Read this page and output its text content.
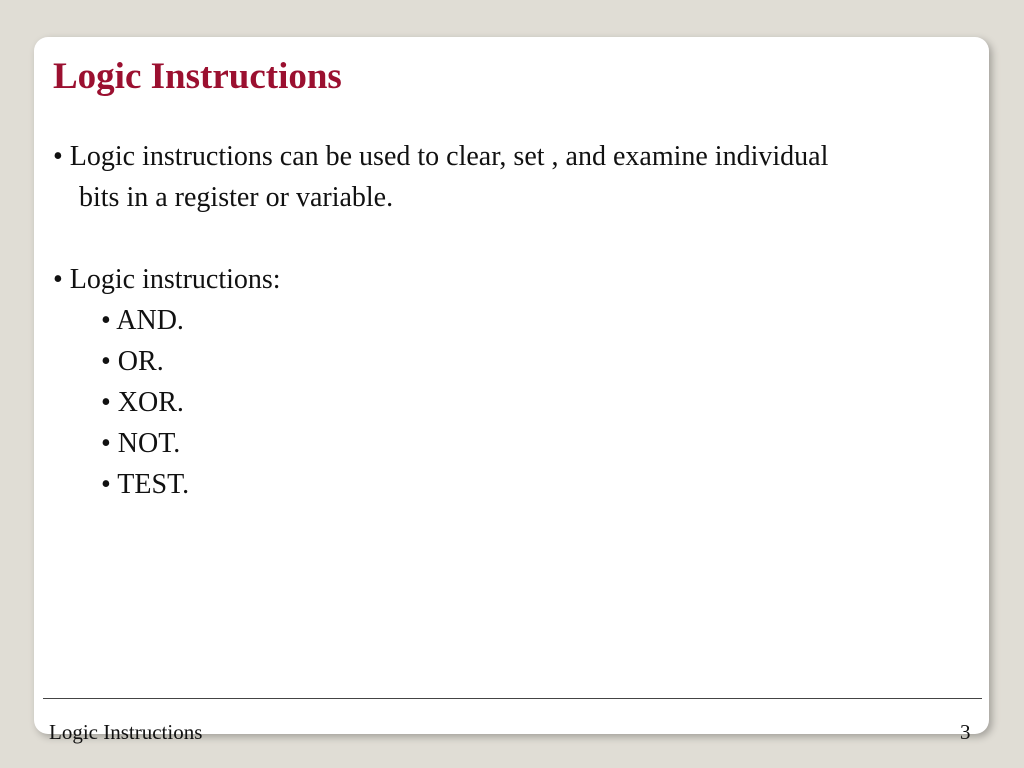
Logic Instructions
• Logic instructions can be used to clear, set , and examine individual
bits in a register or variable.
• Logic instructions:
• AND.
• OR.
• XOR.
• NOT.
• TEST.
Logic Instructions	3
